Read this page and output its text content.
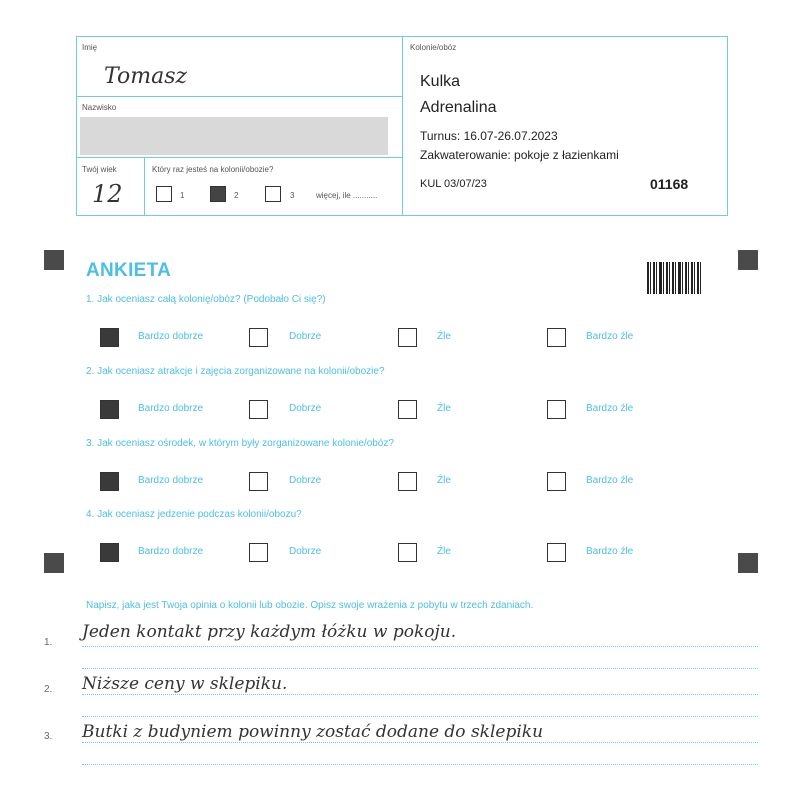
Imię
Tomasz
Nazwisko
Twój wiek
12
Który raz jesteś na kolonii/obozie?
1	2	3	więcej, ile ...........
Kolonie/obóz
Kulka
Adrenalina
Turnus: 16.07-26.07.2023
Zakwaterowanie: pokoje z łazienkami
KUL 03/07/23	01168
ANKIETA
1. Jak oceniasz całą kolonię/obóz? (Podobało Ci się?)
Bardzo dobrze	Dobrze	Źle	Bardzo źle
2. Jak oceniasz atrakcje i zajęcia zorganizowane na kolonii/obozie?
Bardzo dobrze	Dobrze	Źle	Bardzo źle
3. Jak oceniasz ośrodek, w którym były zorganizowane kolonie/obóz?
Bardzo dobrze	Dobrze	Źle	Bardzo źle
4. Jak oceniasz jedzenie podczas kolonii/obozu?
Bardzo dobrze	Dobrze	Źle	Bardzo źle
Napisz, jaka jest Twoja opinia o kolonii lub obozie. Opisz swoje wrażenia z pobytu w trzech zdaniach.
1.
Jeden kontakt przy każdym łóżku w pokoju.
2. Niższe ceny w sklepiku.
3. Butki z budyniem powinny zostać dodane do sklepiku
